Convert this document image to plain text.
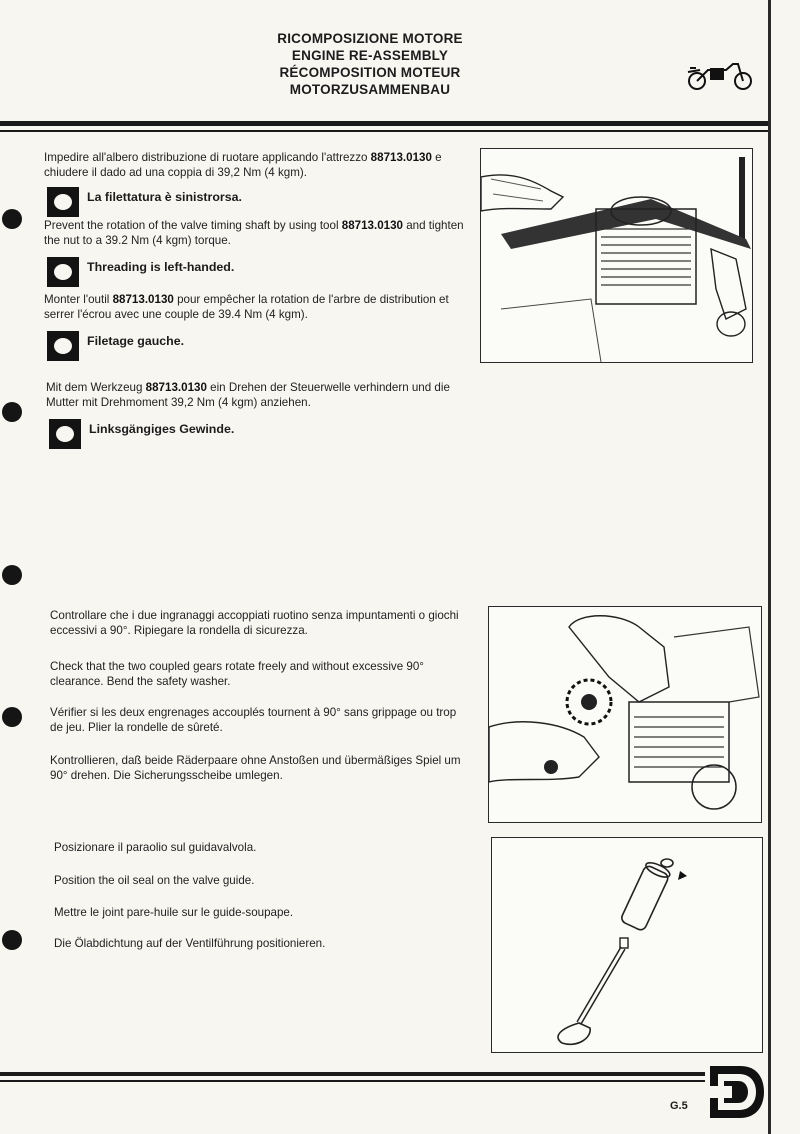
RICOMPOSIZIONE MOTORE
ENGINE RE-ASSEMBLY
RÉCOMPOSITION MOTEUR
MOTORZUSAMMENBAU
Impedire all'albero distribuzione di ruotare applicando l'attrezzo 88713.0130 e chiudere il dado ad una coppia di 39,2 Nm (4 kgm).
La filettatura è sinistrorsa.
Prevent the rotation of the valve timing shaft by using tool 88713.0130 and tighten the nut to a 39.2 Nm (4 kgm) torque.
Threading is left-handed.
Monter l'outil 88713.0130 pour empêcher la rotation de l'arbre de distribution et serrer l'écrou avec une couple de 39.4 Nm (4 kgm).
Filetage gauche.
Mit dem Werkzeug 88713.0130 ein Drehen der Steuerwelle verhindern und die Mutter mit Drehmoment 39,2 Nm (4 kgm) anziehen.
Linksgängiges Gewinde.
Controllare che i due ingranaggi accoppiati ruotino senza impuntamenti o giochi eccessivi a 90°. Ripiegare la rondella di sicurezza.
Check that the two coupled gears rotate freely and without excessive 90° clearance. Bend the safety washer.
Vérifier si les deux engrenages accouplés tournent à 90° sans grippage ou trop de jeu. Plier la rondelle de sûreté.
Kontrollieren, daß beide Räderpaare ohne Anstoßen und übermäßiges Spiel um 90° drehen. Die Sicherungsscheibe umlegen.
Posizionare il paraolio sul guidavalvola.
Position the oil seal on the valve guide.
Mettre le joint pare-huile sur le guide-soupape.
Die Ölabdichtung auf der Ventilführung positionieren.
G.5
